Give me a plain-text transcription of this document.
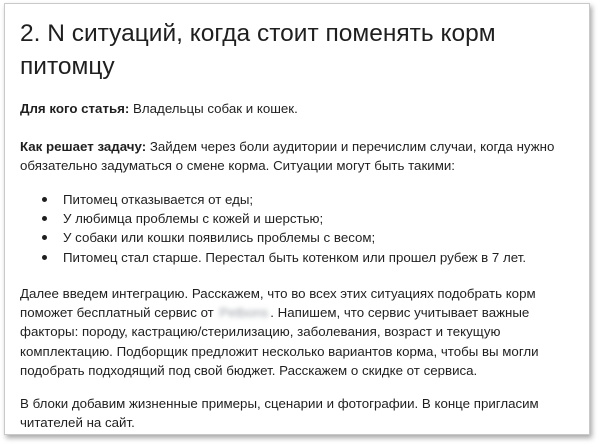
2. N ситуаций, когда стоит поменять корм питомцу

Для кого статья: Владельцы собак и кошек.

Как решает задачу: Зайдем через боли аудитории и перечислим случаи, когда нужно обязательно задуматься о смене корма. Ситуации могут быть такими:

Питомец отказывается от еды;
У любимца проблемы с кожей и шерстью;
У собаки или кошки появились проблемы с весом;
Питомец стал старше. Перестал быть котенком или прошел рубеж в 7 лет.

Далее введем интеграцию. Расскажем, что во всех этих ситуациях подобрать корм поможет бесплатный сервис от Petbons . Напишем, что сервис учитывает важные факторы: породу, кастрацию/стерилизацию, заболевания, возраст и текущую комплектацию. Подборщик предложит несколько вариантов корма, чтобы вы могли подобрать подходящий под свой бюджет. Расскажем о скидке от сервиса.

В блоки добавим жизненные примеры, сценарии и фотографии. В конце пригласим читателей на сайт.
